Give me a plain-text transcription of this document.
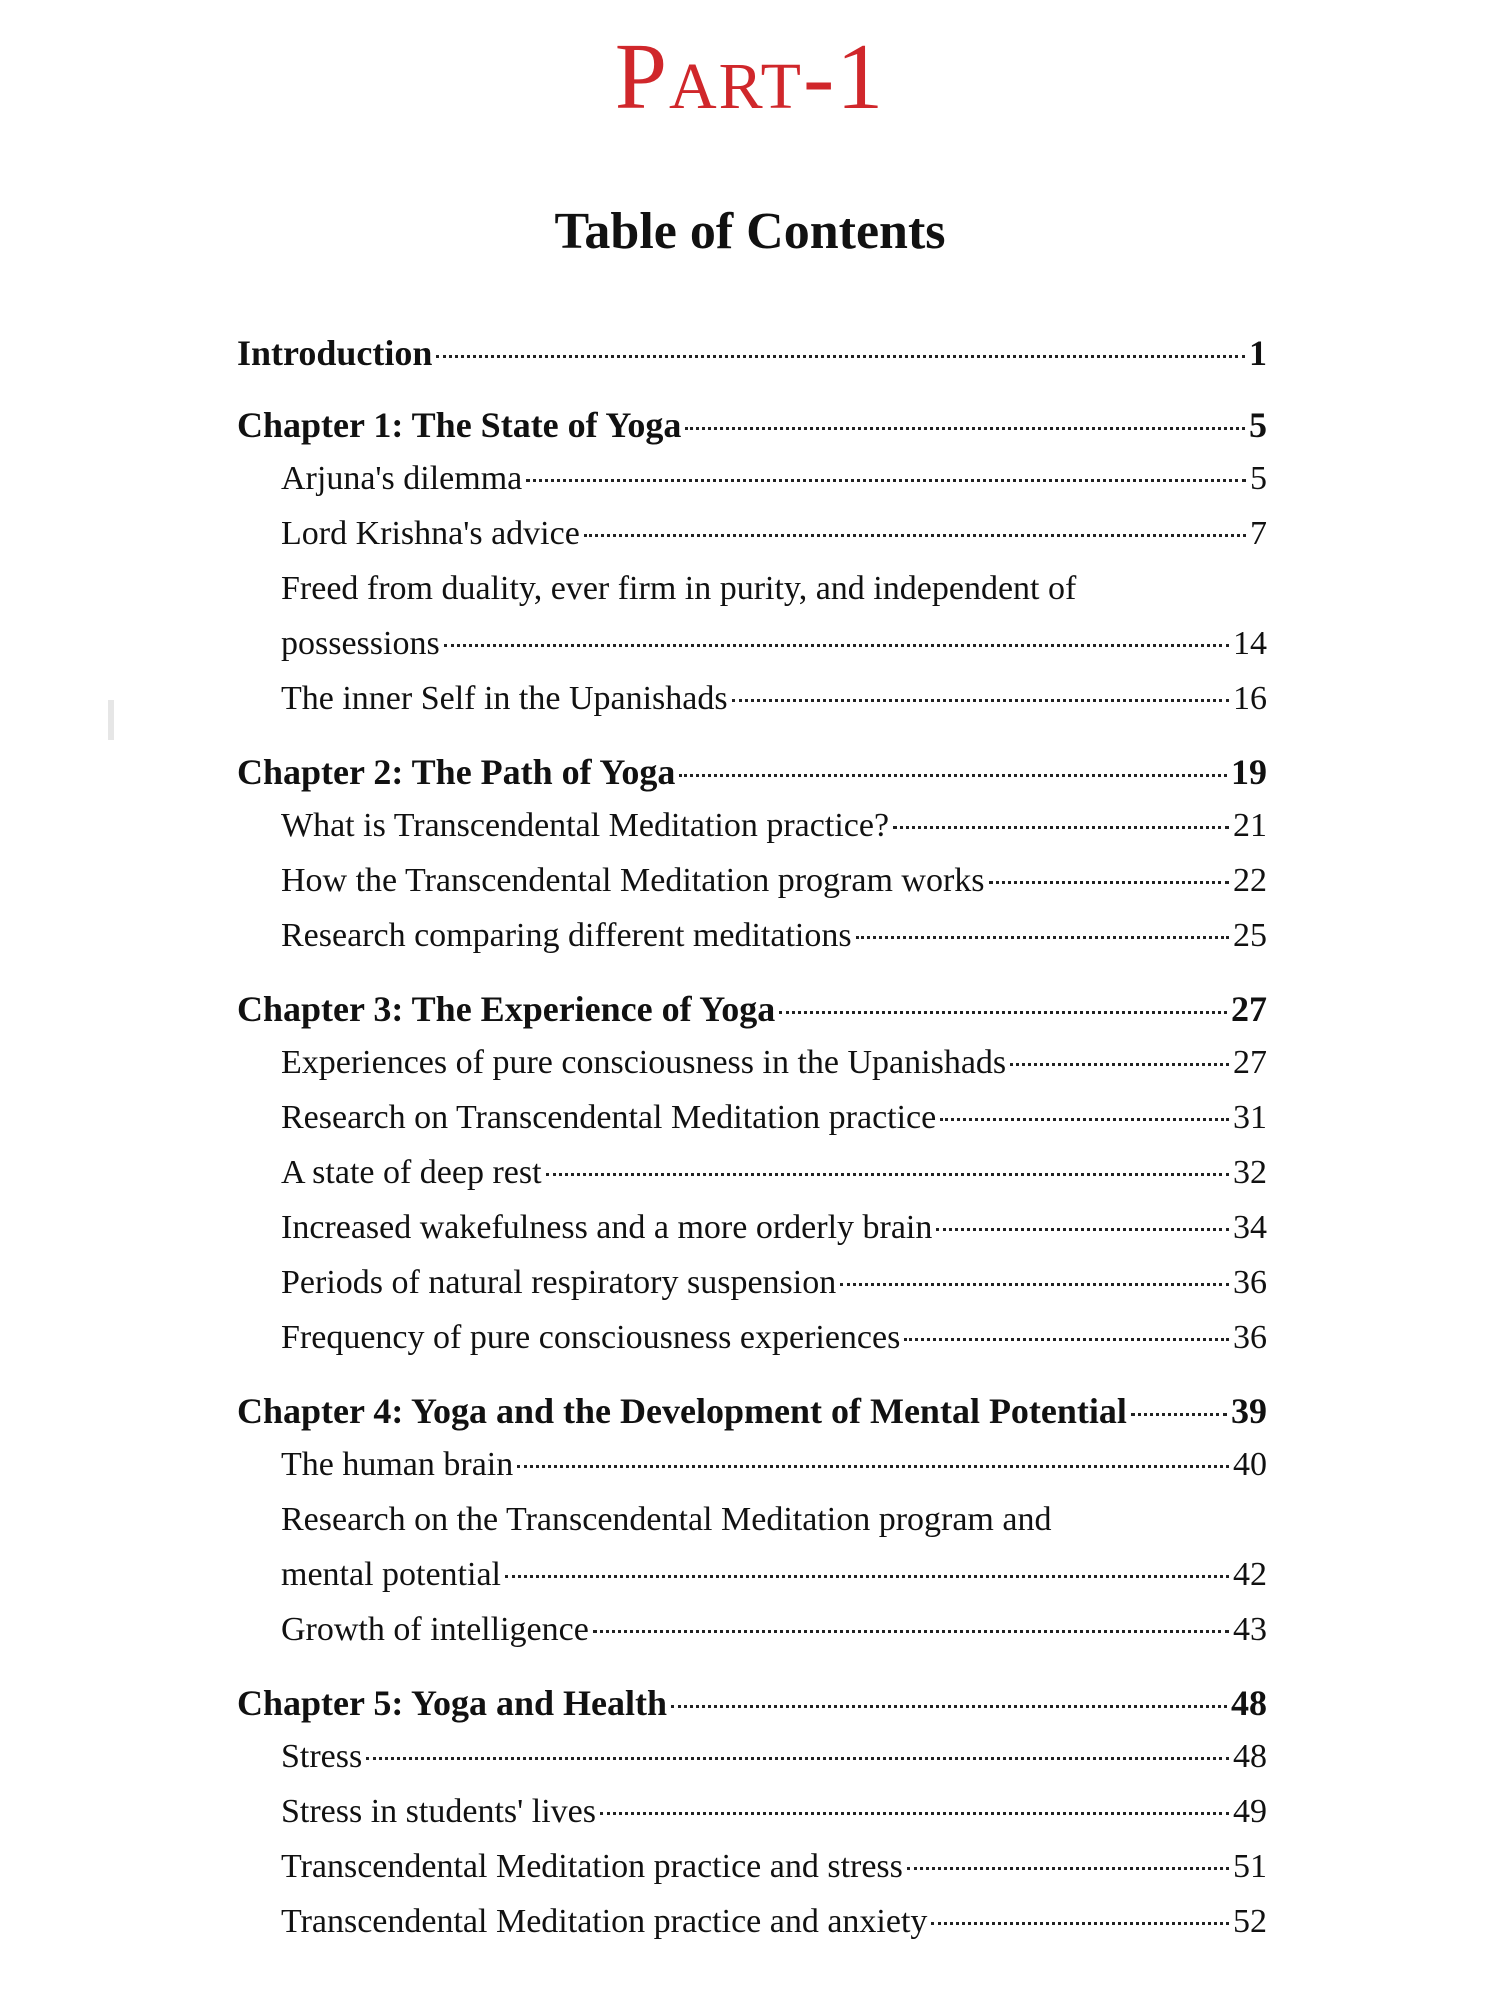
Part-1
Table of Contents
Introduction	1
Chapter 1: The State of Yoga	5
Arjuna's dilemma	5
Lord Krishna's advice	7
Freed from duality, ever firm in purity, and independent of
possessions	14
The inner Self in the Upanishads	16
Chapter 2: The Path of Yoga	19
What is Transcendental Meditation practice?	21
How the Transcendental Meditation program works	22
Research comparing different meditations	25
Chapter 3: The Experience of Yoga	27
Experiences of pure consciousness in the Upanishads	27
Research on Transcendental Meditation practice	31
A state of deep rest	32
Increased wakefulness and a more orderly brain	34
Periods of natural respiratory suspension	36
Frequency of pure consciousness experiences	36
Chapter 4: Yoga and the Development of Mental Potential	39
The human brain	40
Research on the Transcendental Meditation program and
mental potential	42
Growth of intelligence	43
Chapter 5: Yoga and Health	48
Stress	48
Stress in students' lives	49
Transcendental Meditation practice and stress	51
Transcendental Meditation practice and anxiety	52
